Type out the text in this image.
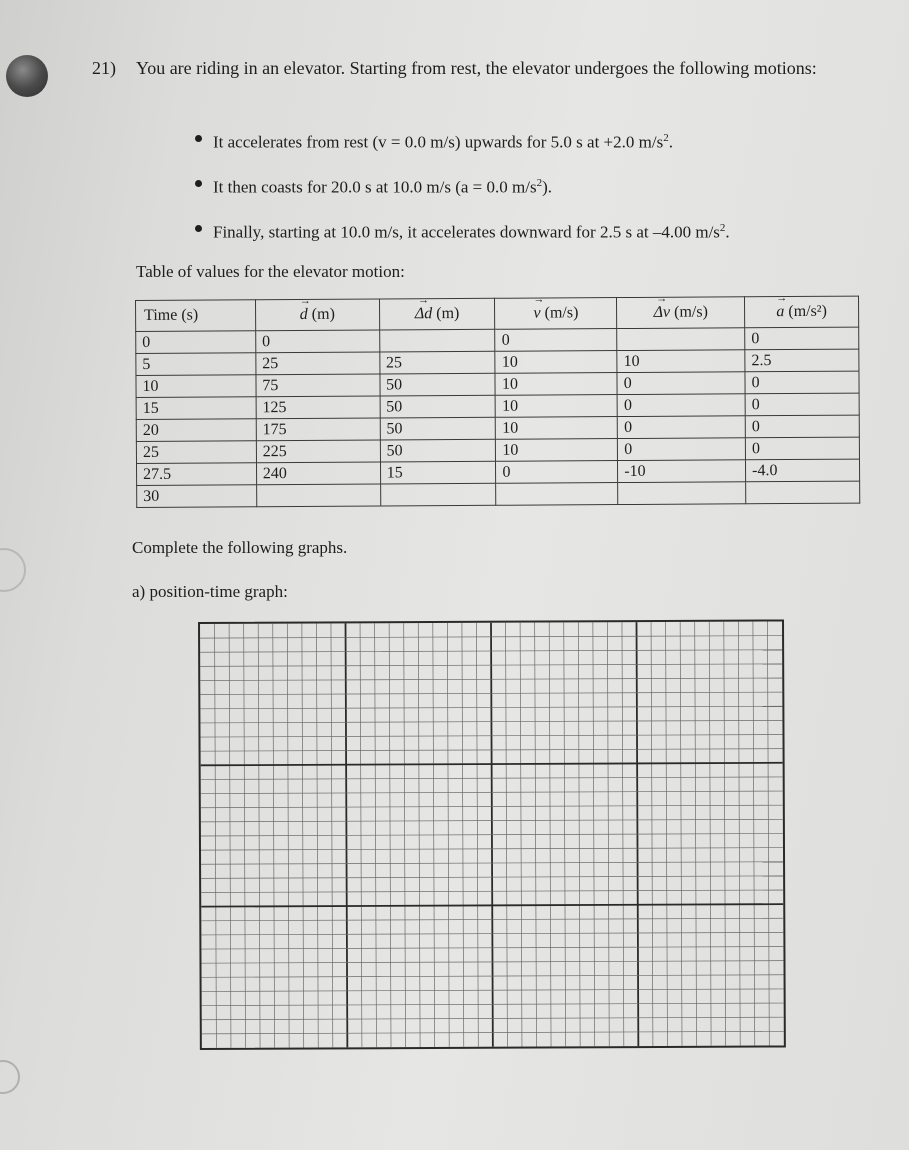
21) You are riding in an elevator. Starting from rest, the elevator undergoes the following motions:
It accelerates from rest (v = 0.0 m/s) upwards for 5.0 s at +2.0 $m/s^2$.
It then coasts for 20.0 s at 10.0 m/s (a = 0.0 $m/s^2$).
Finally, starting at 10.0 m/s, it accelerates downward for 2.5 s at –4.00 $m/s^2$.
Table of values for the elevator motion:
Time (s)	→ d (m)	→ Δd (m)	→ v (m/s)	→ Δv (m/s)	→ a (m/s²)
0	0		0		0
5	25	25	10	10	2.5
10	75	50	10	0	0
15	125	50	10	0	0
20	175	50	10	0	0
25	225	50	10	0	0
27.5	240	15	0	-10	-4.0
30					
Complete the following graphs.
a) position-time graph:
